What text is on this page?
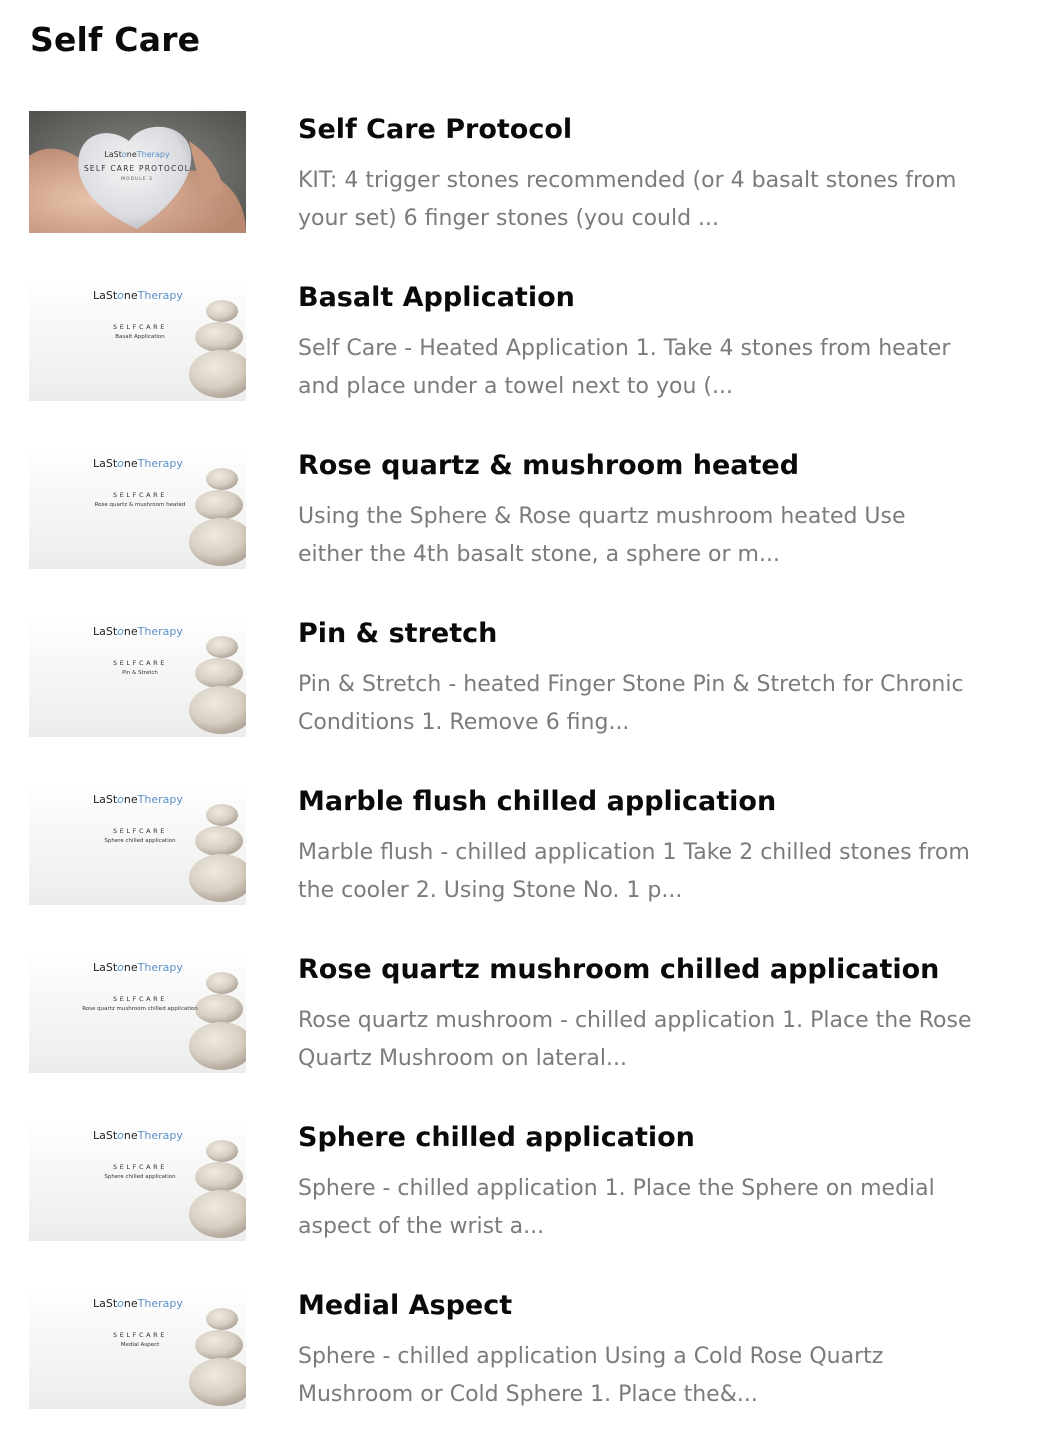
Self Care
LaStoneTherapy
SELF CARE PROTOCOL
MODULE 3
Self Care Protocol

KIT: 4 trigger stones recommended (or 4 basalt stones from
your set) 6 finger stones (you could ...

LaStoneTherapy
SELFCARE
Basalt Application
Basalt Application

Self Care - Heated Application 1. Take 4 stones from heater
and place under a towel next to you (...

LaStoneTherapy
SELFCARE
Rose quartz & mushroom heated
Rose quartz & mushroom heated

Using the Sphere & Rose quartz mushroom heated Use
either the 4th basalt stone, a sphere or m...

LaStoneTherapy
SELFCARE
Pin & Stretch
Pin & stretch

Pin & Stretch - heated Finger Stone Pin & Stretch for Chronic
Conditions 1. Remove 6 fing...

LaStoneTherapy
SELFCARE
Sphere chilled application
Marble flush chilled application

Marble flush - chilled application 1 Take 2 chilled stones from
the cooler 2. Using Stone No. 1 p...

LaStoneTherapy
SELFCARE
Rose quartz mushroom chilled application
Rose quartz mushroom chilled application

Rose quartz mushroom - chilled application 1. Place the Rose
Quartz Mushroom on lateral...

LaStoneTherapy
SELFCARE
Sphere chilled application
Sphere chilled application

Sphere - chilled application 1. Place the Sphere on medial
aspect of the wrist a...

LaStoneTherapy
SELFCARE
Medial Aspect
Medial Aspect

Sphere - chilled application Using a Cold Rose Quartz
Mushroom or Cold Sphere 1. Place the&...
